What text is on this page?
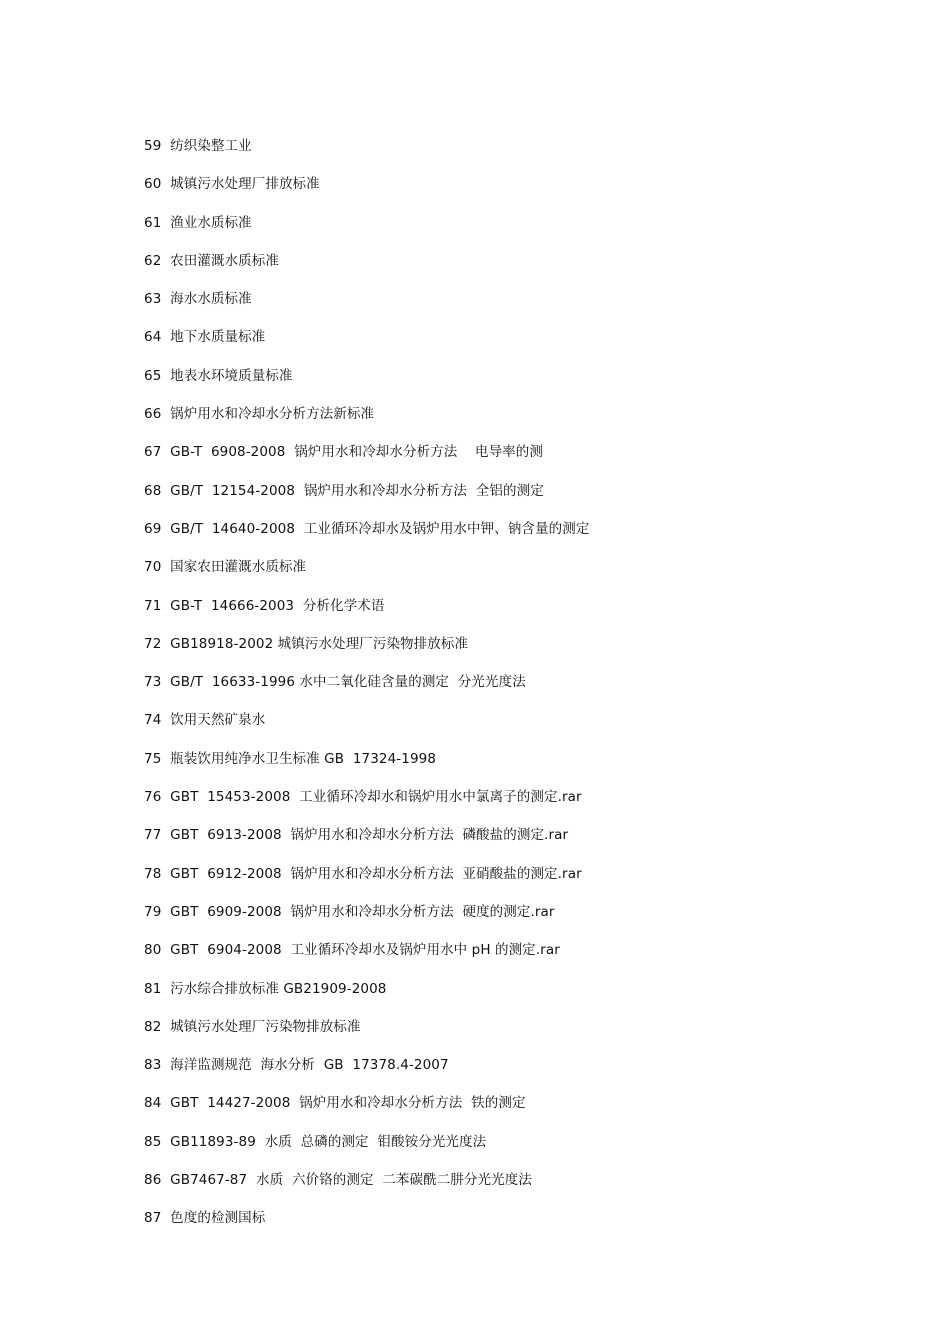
59  纺织染整工业
60  城镇污水处理厂排放标准
61  渔业水质标准
62  农田灌溉水质标准
63  海水水质标准
64  地下水质量标准
65  地表水环境质量标准
66  锅炉用水和冷却水分析方法新标准
67  GB-T  6908-2008  锅炉用水和冷却水分析方法    电导率的测
68  GB/T  12154-2008  锅炉用水和冷却水分析方法  全铝的测定
69  GB/T  14640-2008  工业循环冷却水及锅炉用水中钾、钠含量的测定
70  国家农田灌溉水质标准
71  GB-T  14666-2003  分析化学术语
72  GB18918-2002 城镇污水处理厂污染物排放标准
73  GB/T  16633-1996 水中二氧化硅含量的测定  分光光度法
74  饮用天然矿泉水
75  瓶装饮用纯净水卫生标准 GB  17324-1998
76  GBT  15453-2008  工业循环冷却水和锅炉用水中氯离子的测定.rar
77  GBT  6913-2008  锅炉用水和冷却水分析方法  磷酸盐的测定.rar
78  GBT  6912-2008  锅炉用水和冷却水分析方法  亚硝酸盐的测定.rar
79  GBT  6909-2008  锅炉用水和冷却水分析方法  硬度的测定.rar
80  GBT  6904-2008  工业循环冷却水及锅炉用水中 pH 的测定.rar
81  污水综合排放标准 GB21909-2008
82  城镇污水处理厂污染物排放标准
83  海洋监测规范  海水分析  GB  17378.4-2007
84  GBT  14427-2008  锅炉用水和冷却水分析方法  铁的测定
85  GB11893-89  水质  总磷的测定  钼酸铵分光光度法
86  GB7467-87  水质  六价铬的测定  二苯碳酰二肼分光光度法
87  色度的检测国标
